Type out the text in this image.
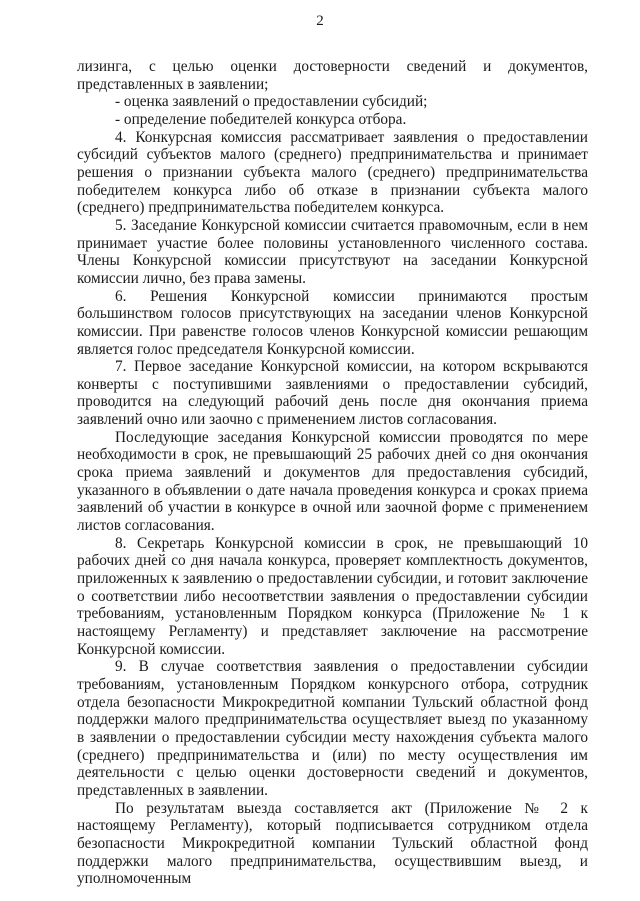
2

лизинга, с целью оценки достоверности сведений и документов, представленных в заявлении;

- оценка заявлений о предоставлении субсидий;

- определение победителей конкурса отбора.

4. Конкурсная комиссия рассматривает заявления о предоставлении субсидий субъектов малого (среднего) предпринимательства и принимает решения о признании субъекта малого (среднего) предпринимательства победителем конкурса либо об отказе в признании субъекта малого (среднего) предпринимательства победителем конкурса.

5. Заседание Конкурсной комиссии считается правомочным, если в нем принимает участие более половины установленного численного состава. Члены Конкурсной комиссии присутствуют на заседании Конкурсной комиссии лично, без права замены.

6. Решения Конкурсной комиссии принимаются простым большинством голосов присутствующих на заседании членов Конкурсной комиссии. При равенстве голосов членов Конкурсной комиссии решающим является голос председателя Конкурсной комиссии.

7. Первое заседание Конкурсной комиссии, на котором вскрываются конверты с поступившими заявлениями о предоставлении субсидий, проводится на следующий рабочий день после дня окончания приема заявлений очно или заочно с применением листов согласования.

Последующие заседания Конкурсной комиссии проводятся по мере необходимости в срок, не превышающий 25 рабочих дней со дня окончания срока приема заявлений и документов для предоставления субсидий, указанного в объявлении о дате начала проведения конкурса и сроках приема заявлений об участии в конкурсе в очной или заочной форме с применением листов согласования.

8. Секретарь Конкурсной комиссии в срок, не превышающий 10 рабочих дней со дня начала конкурса, проверяет комплектность документов, приложенных к заявлению о предоставлении субсидии, и готовит заключение о соответствии либо несоответствии заявления о предоставлении субсидии требованиям, установленным Порядком конкурса (Приложение № 1 к настоящему Регламенту) и представляет заключение на рассмотрение Конкурсной комиссии.

9. В случае соответствия заявления о предоставлении субсидии требованиям, установленным Порядком конкурсного отбора, сотрудник отдела безопасности Микрокредитной компании Тульский областной фонд поддержки малого предпринимательства осуществляет выезд по указанному в заявлении о предоставлении субсидии месту нахождения субъекта малого (среднего) предпринимательства и (или) по месту осуществления им деятельности с целью оценки достоверности сведений и документов, представленных в заявлении.

По результатам выезда составляется акт (Приложение № 2 к настоящему Регламенту), который подписывается сотрудником отдела безопасности Микрокредитной компании Тульский областной фонд поддержки малого предпринимательства, осуществившим выезд, и уполномоченным
